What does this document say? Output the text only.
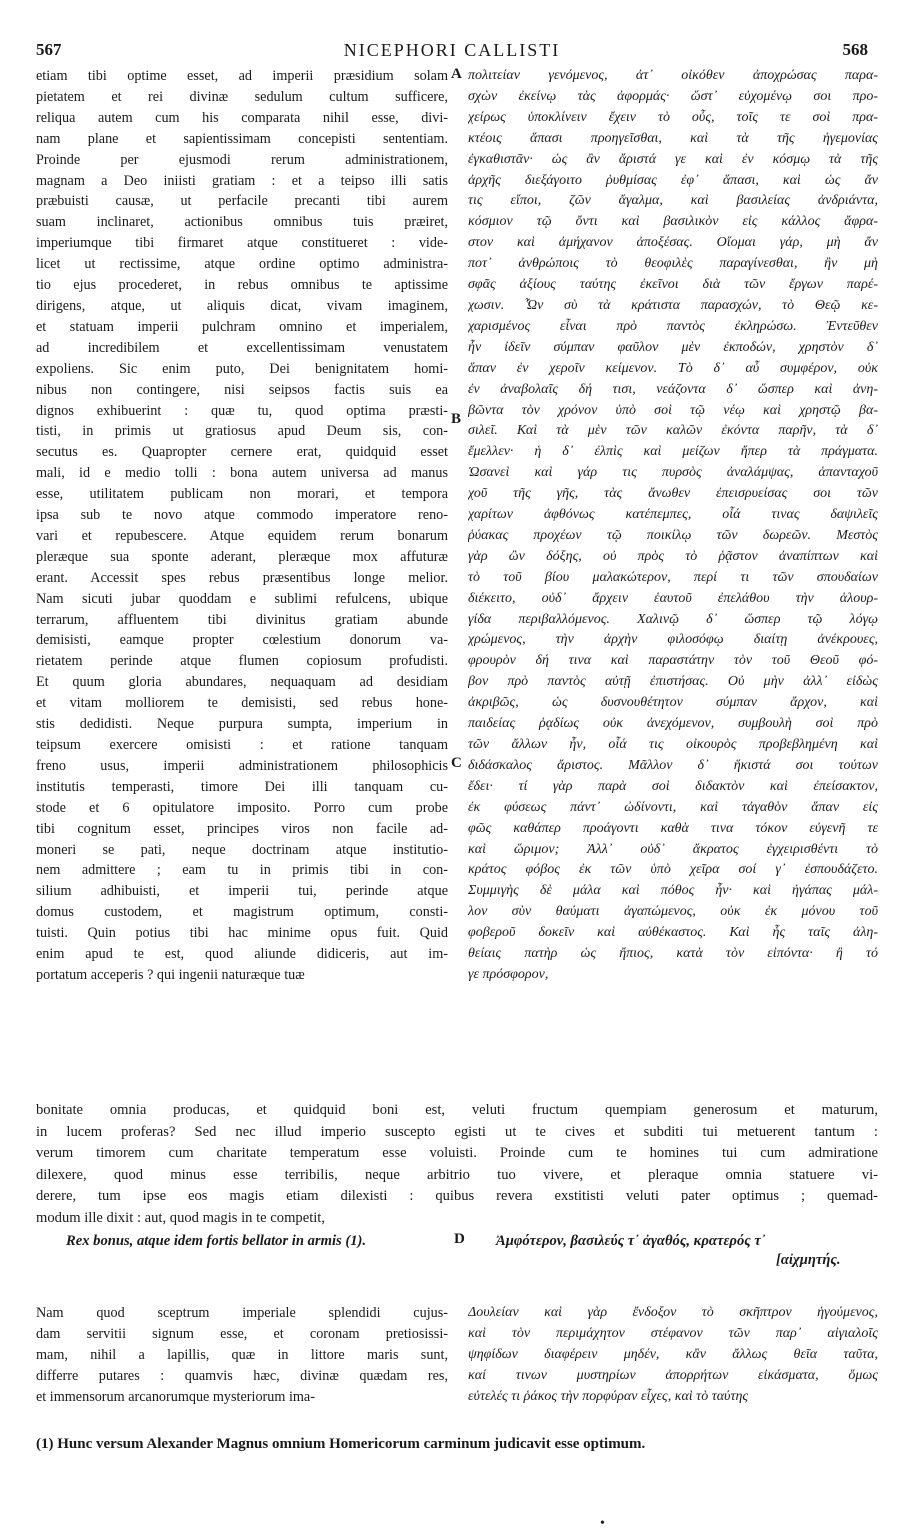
567	NICEPHORI CALLISTI	568
etiam tibi optime esset, ad imperii præsidium solam
pietatem et rei divinæ sedulum cultum sufficere,
reliqua autem cum his comparata nihil esse, divi-
nam plane et sapientissimam concepisti sententiam.
Proinde per ejusmodi rerum administrationem,
magnam a Deo iniisti gratiam : et a teipso illi satis
præbuisti causæ, ut perfacile precanti tibi aurem
suam inclinaret, actionibus omnibus tuis præiret,
imperiumque tibi firmaret atque constitueret : vide-
licet ut rectissime, atque ordine optimo administra-
tio ejus procederet, in rebus omnibus te aptissime
dirigens, atque, ut aliquis dicat, vivam imaginem,
et statuam imperii pulchram omnino et imperialem,
ad incredibilem et excellentissimam venustatem
expoliens. Sic enim puto, Dei benignitatem homi-
nibus non contingere, nisi seipsos factis suis ea
dignos exhibuerint : quæ tu, quod optima præsti-
tisti, in primis ut gratiosus apud Deum sis, con-
secutus es. Quapropter cernere erat, quidquid esset
mali, id e medio tolli : bona autem universa ad manus
esse, utilitatem publicam non morari, et tempora
ipsa sub te novo atque commodo imperatore reno-
vari et repubescere. Atque equidem rerum bonarum
pleræque sua sponte aderant, pleræque mox affuturæ
erant. Accessit spes rebus præsentibus longe melior.
Nam sicuti jubar quoddam e sublimi refulcens, ubique
terrarum, affluentem tibi divinitus gratiam abunde
demisisti, eamque propter cœlestium donorum va-
rietatem perinde atque flumen copiosum profudisti.
Et quum gloria abundares, nequaquam ad desidiam
et vitam molliorem te demisisti, sed rebus hone-
stis dedidisti. Neque purpura sumpta, imperium in
teipsum exercere omisisti : et ratione tanquam
freno usus, imperii administrationem philosophicis
institutis temperasti, timore Dei illi tanquam cu-
stode et 6 opitulatore imposito. Porro cum probe
tibi cognitum esset, principes viros non facile ad-
moneri se pati, neque doctrinam atque institutio-
nem admittere ; eam tu in primis tibi in con-
silium adhibuisti, et imperii tui, perinde atque
domus custodem, et magistrum optimum, consti-
tuisti. Quin potius tibi hac minime opus fuit. Quid
enim apud te est, quod aliunde didiceris, aut im-
portatum acceperis ? qui ingenii naturæque tuæ
πολιτείαν γενόμενος, ἀτ᾽ οἰκόθεν ἀποχρώσας παρα-
σχὼν ἐκείνῳ τὰς ἀφορμάς· ὥστ᾽ εὐχομένῳ σοι προ-
χείρως ὑποκλίνειν ἔχειν τὸ οὖς, τοῖς τε σοὶ πρα-
κτέοις ἅπασι προηγεῖσθαι, καὶ τὰ τῆς ἡγεμονίας
ἐγκαθιστᾶν· ὡς ἂν ἄριστά γε καὶ ἐν κόσμῳ τὰ τῆς
ἀρχῆς διεξάγοιτο ῥυθμίσας ἐφ᾽ ἅπασι, καὶ ὡς ἄν
τις εἴποι, ζῶν ἄγαλμα, καὶ βασιλείας ἀνδριάντα,
κόσμιον τῷ ὄντι καὶ βασιλικὸν εἰς κάλλος ἄφρα-
στον καὶ ἀμήχανον ἀποξέσας. Οἴομαι γάρ, μὴ ἄν
ποτ᾽ ἀνθρώποις τὸ θεοφιλὲς παραγίνεσθαι, ἢν μὴ
σφᾶς ἀξίους ταύτης ἐκεῖνοι διὰ τῶν ἔργων παρέ-
χωσιν. Ὧν σὺ τὰ κράτιστα παρασχών, τὸ Θεῷ κε-
χαρισμένος εἶναι πρὸ παντὸς ἐκληρώσω. Ἐντεῦθεν
ἦν ἰδεῖν σύμπαν φαῦλον μὲν ἐκποδών, χρηστὸν δ᾽
ἅπαν ἐν χεροῖν κείμενον. Τὸ δ᾽ αὖ συμφέρον, οὐκ
ἐν ἀναβολαῖς δή τισι, νεάζοντα δ᾽ ὥσπερ καὶ ἀνη-
βῶντα τὸν χρόνον ὑπὸ σοὶ τῷ νέῳ καὶ χρηστῷ βα-
σιλεῖ. Καὶ τὰ μὲν τῶν καλῶν ἐκόντα παρῆν, τὰ δ᾽
ἔμελλεν· ἡ δ᾽ ἐλπὶς καὶ μείζων ἤπερ τὰ πράγματα.
Ὡσανεὶ καὶ γάρ τις πυρσὸς ἀναλάμψας, ἁπανταχοῦ
χοῦ τῆς γῆς, τὰς ἄνωθεν ἐπεισρυείσας σοι τῶν
χαρίτων ἀφθόνως κατέπεμπες, οἷά τινας δαψιλεῖς
ῥύακας προχέων τῷ ποικίλῳ τῶν δωρεῶν. Μεστὸς
γὰρ ὢν δόξης, οὐ πρὸς τὸ ῥᾷστον ἀναπίπτων καὶ
τὸ τοῦ βίου μαλακώτερον, περί τι τῶν σπουδαίων
διέκειτο, οὐδ᾽ ἄρχειν ἑαυτοῦ ἐπελάθου τὴν ἁλουρ-
γίδα περιβαλλόμενος. Χαλινῷ δ᾽ ὥσπερ τῷ λόγῳ
χρώμενος, τὴν ἀρχὴν φιλοσόφῳ διαίτῃ ἀνέκρουες,
φρουρὸν δή τινα καὶ παραστάτην τὸν τοῦ Θεοῦ φό-
βον πρὸ παντὸς αὐτῇ ἐπιστήσας. Οὐ μὴν ἀλλ᾽ εἰδὼς
ἀκριβῶς, ὡς δυσνουθέτητον σύμπαν ἄρχον, καὶ
παιδείας ῥᾳδίως οὐκ ἀνεχόμενον, συμβουλὴ σοὶ πρὸ
τῶν ἄλλων ἦν, οἷά τις οἰκουρὸς προβεβλημένη καὶ
διδάσκαλος ἄριστος. Μᾶλλον δ᾽ ἥκιστά σοι τούτων
ἔδει· τί γὰρ παρὰ σοὶ διδακτὸν καὶ ἐπείσακτον,
ἐκ φύσεως πάντ᾽ ὠδίνοντι, καὶ τἀγαθὸν ἅπαν εἰς
φῶς καθάπερ προάγοντι καθὰ τινα τόκον εὐγενῆ τε
καὶ ὥριμον; Ἀλλ᾽ οὐδ᾽ ἄκρατος ἐγχειρισθέντι τὸ
κράτος φόβος ἐκ τῶν ὑπὸ χεῖρα σοί γ᾽ ἐσπουδάζετο.
Συμμιγὴς δὲ μάλα καὶ πόθος ἦν· καὶ ἠγάπας μάλ-
λον σὺν θαύματι ἀγαπώμενος, οὐκ ἐκ μόνου τοῦ
φοβεροῦ δοκεῖν καὶ αὐθέκαστος. Καὶ ἧς ταῖς ἀλη-
θείαις πατὴρ ὡς ἤπιος, κατὰ τὸν εἰπόντα· ἢ τό
γε πρόσφορον,
A
B
C
bonitate omnia producas, et quidquid boni est, veluti fructum quempiam generosum et maturum,
in lucem proferas? Sed nec illud imperio suscepto egisti ut te cives et subditi tui metuerent tantum :
verum timorem cum charitate temperatum esse voluisti. Proinde cum te homines tui cum admiratione
dilexere, quod minus esse terribilis, neque arbitrio tuo vivere, et pleraque omnia statuere vi-
derere, tum ipse eos magis etiam dilexisti : quibus revera exstitisti veluti pater optimus ; quemad-
modum ille dixit : aut, quod magis in te competit,
Rex bonus, atque idem fortis bellator in armis (1).	D Ἀμφότερον, βασιλεύς τ᾽ ἀγαθός, κρατερός τ᾽
[αἰχμητής.
Nam quod sceptrum imperiale splendidi cujus-
dam servitii signum esse, et coronam pretiosissi-
mam, nihil a lapillis, quæ in littore maris sunt,
differre putares : quamvis hæc, divinæ quædam res,
et immensorum arcanorumque mysteriorum ima-
Δουλείαν καὶ γὰρ ἔνδοξον τὸ σκῆπτρον ἡγούμενος,
καὶ τὸν περιμάχητον στέφανον τῶν παρ᾽ αἰγιαλοῖς
ψηφίδων διαφέρειν μηδέν, κἂν ἄλλως θεῖα ταῦτα,
καί τινων μυστηρίων ἀπορρήτων εἰκάσματα, ὅμως
εὐτελές τι ῥάκος τὴν πορφύραν εἶχες, καὶ τὸ ταύτης
(1) Hunc versum Alexander Magnus omnium Homericorum carminum judicavit esse optimum.
•
